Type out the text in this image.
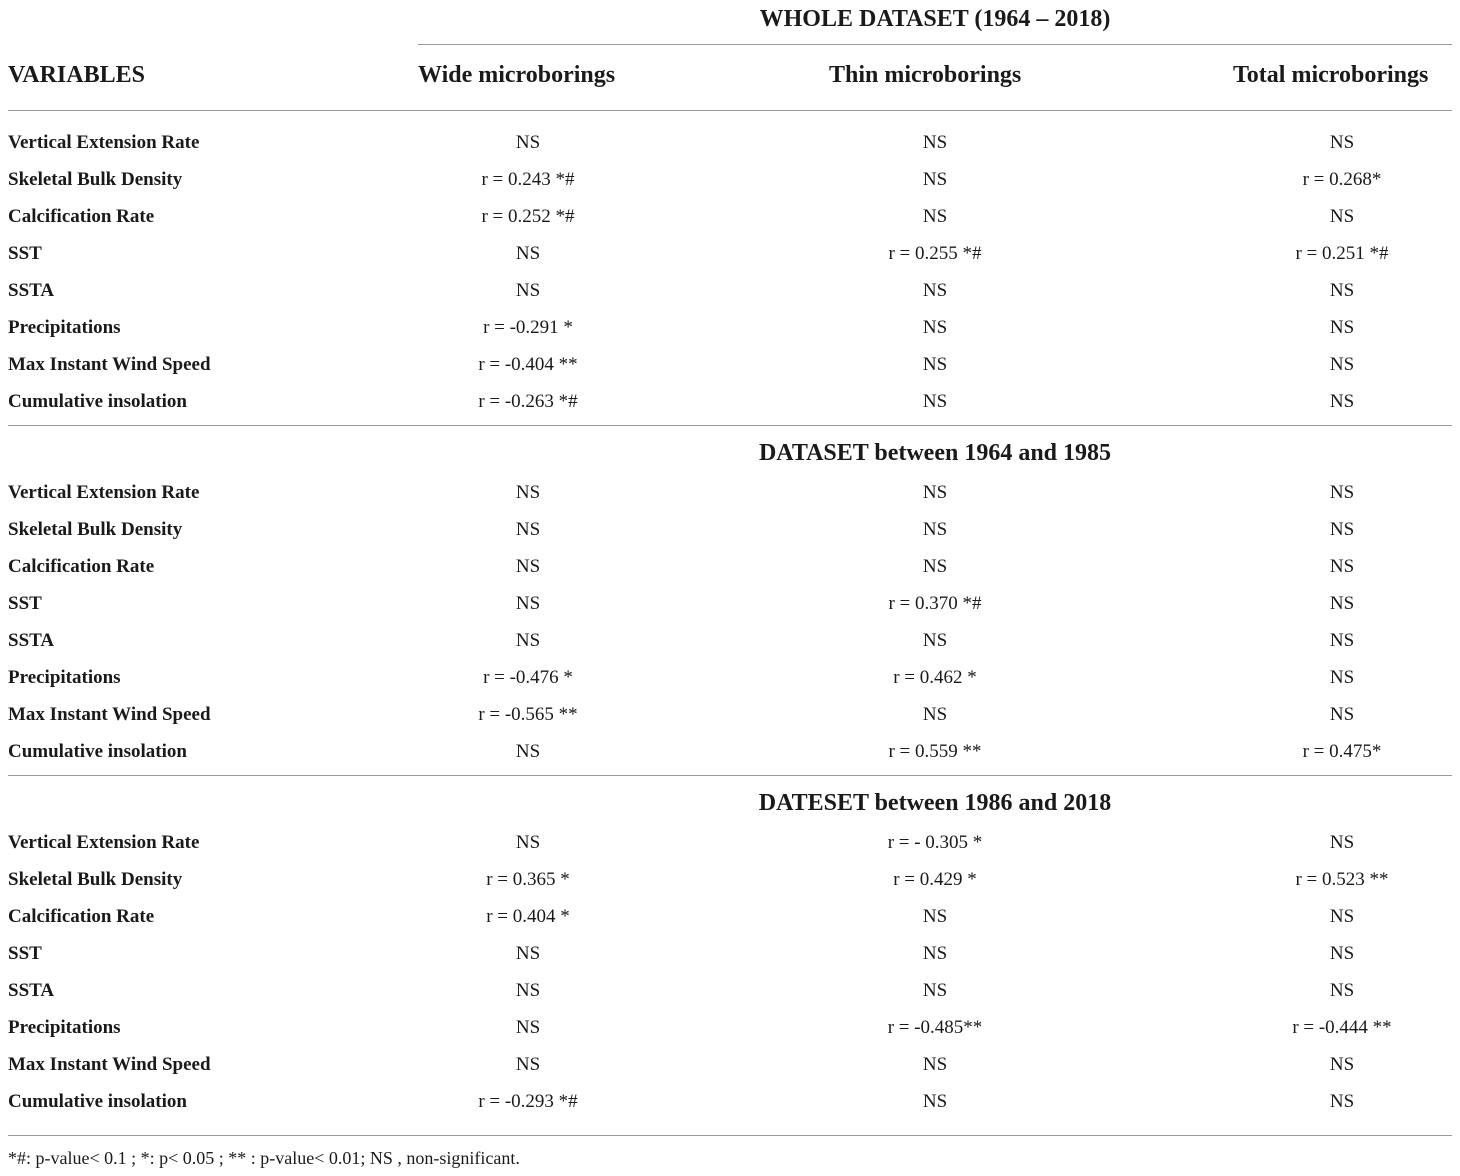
WHOLE DATASET (1964 – 2018)
VARIABLES	Wide microborings	Thin microborings	Total microborings
Vertical Extension Rate	NS	NS	NS
Skeletal Bulk Density	r = 0.243 *#	NS	r = 0.268*
Calcification Rate	r = 0.252 *#	NS	NS
SST	NS	r = 0.255 *#	r = 0.251 *#
SSTA	NS	NS	NS
Precipitations	r = -0.291 *	NS	NS
Max Instant Wind Speed	r = -0.404 **	NS	NS
Cumulative insolation	r = -0.263 *#	NS	NS
DATASET between 1964 and 1985
Vertical Extension Rate	NS	NS	NS
Skeletal Bulk Density	NS	NS	NS
Calcification Rate	NS	NS	NS
SST	NS	r = 0.370 *#	NS
SSTA	NS	NS	NS
Precipitations	r = -0.476 *	r = 0.462 *	NS
Max Instant Wind Speed	r = -0.565 **	NS	NS
Cumulative insolation	NS	r = 0.559 **	r = 0.475*
DATESET between 1986 and 2018
Vertical Extension Rate	NS	r = - 0.305 *	NS
Skeletal Bulk Density	r = 0.365 *	r = 0.429 *	r = 0.523 **
Calcification Rate	r = 0.404 *	NS	NS
SST	NS	NS	NS
SSTA	NS	NS	NS
Precipitations	NS	r = -0.485**	r = -0.444 **
Max Instant Wind Speed	NS	NS	NS
Cumulative insolation	r = -0.293 *#	NS	NS
*#: p-value< 0.1 ; *: p< 0.05 ; ** : p-value< 0.01; NS , non-significant.
